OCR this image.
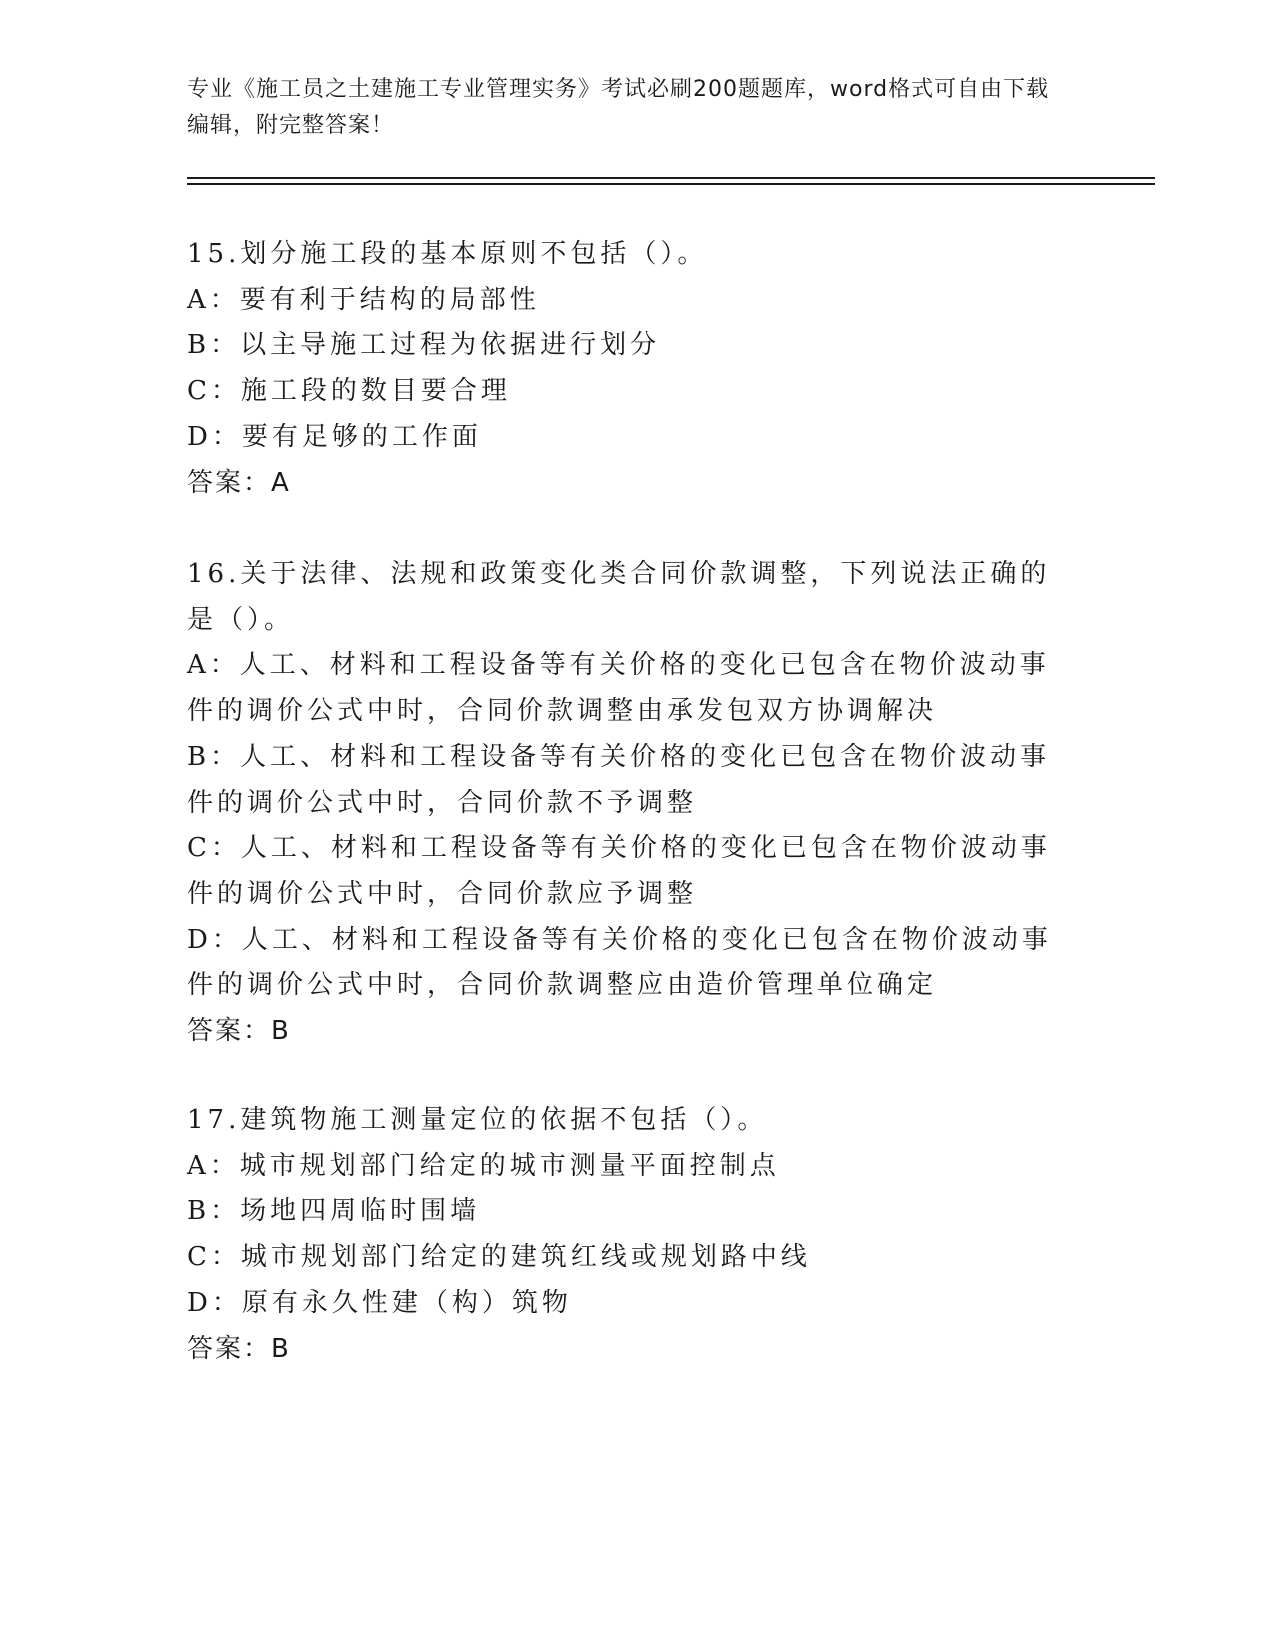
专业《施工员之土建施工专业管理实务》考试必刷200题题库，word格式可自由下载编辑，附完整答案！
15.划分施工段的基本原则不包括（）。
A：要有利于结构的局部性
B：以主导施工过程为依据进行划分
C：施工段的数目要合理
D：要有足够的工作面
答案：A
16.关于法律、法规和政策变化类合同价款调整，下列说法正确的是（）。
A：人工、材料和工程设备等有关价格的变化已包含在物价波动事件的调价公式中时，合同价款调整由承发包双方协调解决
B：人工、材料和工程设备等有关价格的变化已包含在物价波动事件的调价公式中时，合同价款不予调整
C：人工、材料和工程设备等有关价格的变化已包含在物价波动事件的调价公式中时，合同价款应予调整
D：人工、材料和工程设备等有关价格的变化已包含在物价波动事件的调价公式中时，合同价款调整应由造价管理单位确定
答案：B
17.建筑物施工测量定位的依据不包括（）。
A：城市规划部门给定的城市测量平面控制点
B：场地四周临时围墙
C：城市规划部门给定的建筑红线或规划路中线
D：原有永久性建（构）筑物
答案：B
